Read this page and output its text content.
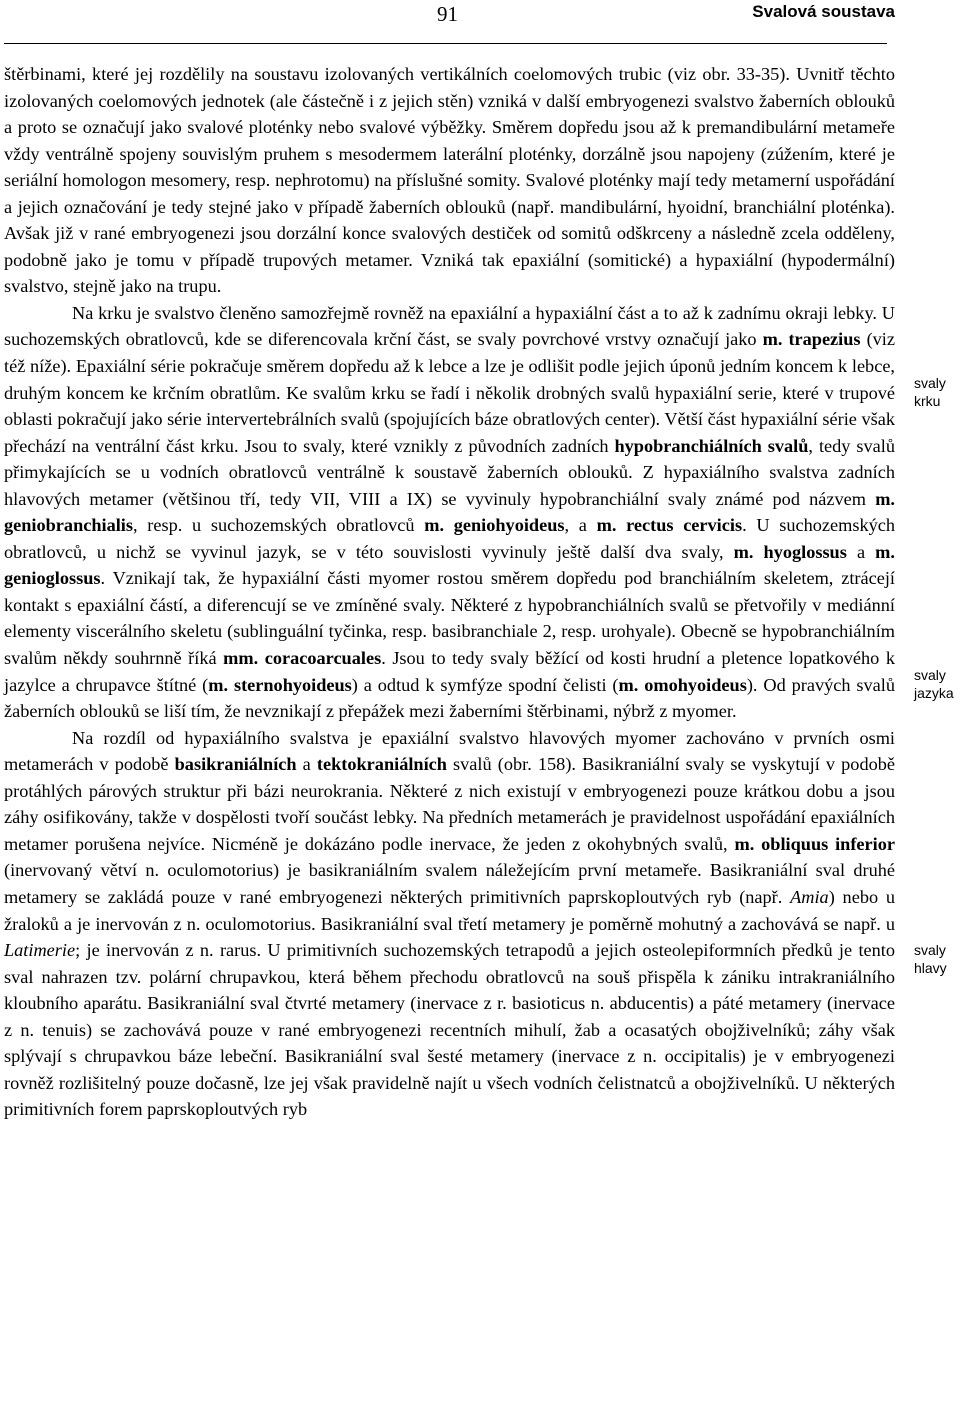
91	Svalová soustava

štěrbinami, které jej rozdělily na soustavu izolovaných vertikálních coelomových trubic (viz obr. 33-35). Uvnitř těchto izolovaných coelomových jednotek (ale částečně i z jejich stěn) vzniká v další embryogenezi svalstvo žaberních oblouků a proto se označují jako svalové ploténky nebo svalové výběžky. Směrem dopředu jsou až k premandibulární metameře vždy ventrálně spojeny souvislým pruhem s mesodermem laterální ploténky, dorzálně jsou napojeny (zúžením, které je seriální homologon mesomery, resp. nephrotomu) na příslušné somity. Svalové ploténky mají tedy metamerní uspořádání a jejich označování je tedy stejné jako v případě žaberních oblouků (např. mandibulární, hyoidní, branchiální ploténka). Avšak již v rané embryogenezi jsou dorzální konce svalových destiček od somitů odškrceny a následně zcela odděleny, podobně jako je tomu v případě trupových metamer. Vzniká tak epaxiální (somitické) a hypaxiální (hypodermální) svalstvo, stejně jako na trupu.

Na krku je svalstvo členěno samozřejmě rovněž na epaxiální a hypaxiální část a to až k zadnímu okraji lebky. U suchozemských obratlovců, kde se diferencovala krční část, se svaly povrchové vrstvy označují jako m. trapezius (viz též níže). Epaxiální série pokračuje směrem dopředu až k lebce a lze je odlišit podle jejich úponů jedním koncem k lebce, druhým koncem ke krčním obratlům. Ke svalům krku se řadí i několik drobných svalů hypaxiální serie, které v trupové oblasti pokračují jako série intervertebrálních svalů (spojujících báze obratlových center). Větší část hypaxiální série však přechází na ventrální část krku. Jsou to svaly, které vznikly z původních zadních hypobranchiálních svalů, tedy svalů přimykajících se u vodních obratlovců ventrálně k soustavě žaberních oblouků. Z hypaxiálního svalstva zadních hlavových metamer (většinou tří, tedy VII, VIII a IX) se vyvinuly hypobranchiální svaly známé pod názvem m. geniobranchialis, resp. u suchozemských obratlovců m. geniohyoideus, a m. rectus cervicis. U suchozemských obratlovců, u nichž se vyvinul jazyk, se v této souvislosti vyvinuly ještě další dva svaly, m. hyoglossus a m. genioglossus. Vznikají tak, že hypaxiální části myomer rostou směrem dopředu pod branchiálním skeletem, ztrácejí kontakt s epaxiální částí, a diferencují se ve zmíněné svaly. Některé z hypobranchiálních svalů se přetvořily v mediánní elementy viscerálního skeletu (sublinguální tyčinka, resp. basibranchiale 2, resp. urohyale). Obecně se hypobranchiálním svalům někdy souhrnně říká mm. coracoarcuales. Jsou to tedy svaly běžící od kosti hrudní a pletence lopatkového k jazylce a chrupavce štítné (m. sternohyoideus) a odtud k symfýze spodní čelisti (m. omohyoideus). Od pravých svalů žaberních oblouků se liší tím, že nevznikají z přepážek mezi žaberními štěrbinami, nýbrž z myomer.

Na rozdíl od hypaxiálního svalstva je epaxiální svalstvo hlavových myomer zachováno v prvních osmi metamerách v podobě basikraniálních a tektokraniálních svalů (obr. 158). Basikraniální svaly se vyskytují v podobě protáhlých párových struktur při bázi neurokrania. Některé z nich existují v embryogenezi pouze krátkou dobu a jsou záhy osifikovány, takže v dospělosti tvoří součást lebky. Na předních metamerách je pravidelnost uspořádání epaxiálních metamer porušena nejvíce. Nicméně je dokázáno podle inervace, že jeden z okohybných svalů, m. obliquus inferior (inervovaný větví n. oculomotorius) je basikraniálním svalem náležejícím první metameře. Basikraniální sval druhé metamery se zakládá pouze v rané embryogenezi některých primitivních paprskoploutvých ryb (např. Amia) nebo u žraloků a je inervován z n. oculomotorius. Basikraniální sval třetí metamery je poměrně mohutný a zachovává se např. u Latimerie; je inervován z n. rarus. U primitivních suchozemských tetrapodů a jejich osteolepiformních předků je tento sval nahrazen tzv. polární chrupavkou, která během přechodu obratlovců na souš přispěla k zániku intrakraniálního kloubního aparátu. Basikraniální sval čtvrté metamery (inervace z r. basioticus n. abducentis) a páté metamery (inervace z n. tenuis) se zachovává pouze v rané embryogenezi recentních mihulí, žab a ocasatých obojživelníků; záhy však splývají s chrupavkou báze lebeční. Basikraniální sval šesté metamery (inervace z n. occipitalis) je v embryogenezi rovněž rozlišitelný pouze dočasně, lze jej však pravidelně najít u všech vodních čelistnatců a obojživelníků. U některých primitivních forem paprskoploutvých ryb

svaly
krku
svaly
jazyka
svaly
hlavy
